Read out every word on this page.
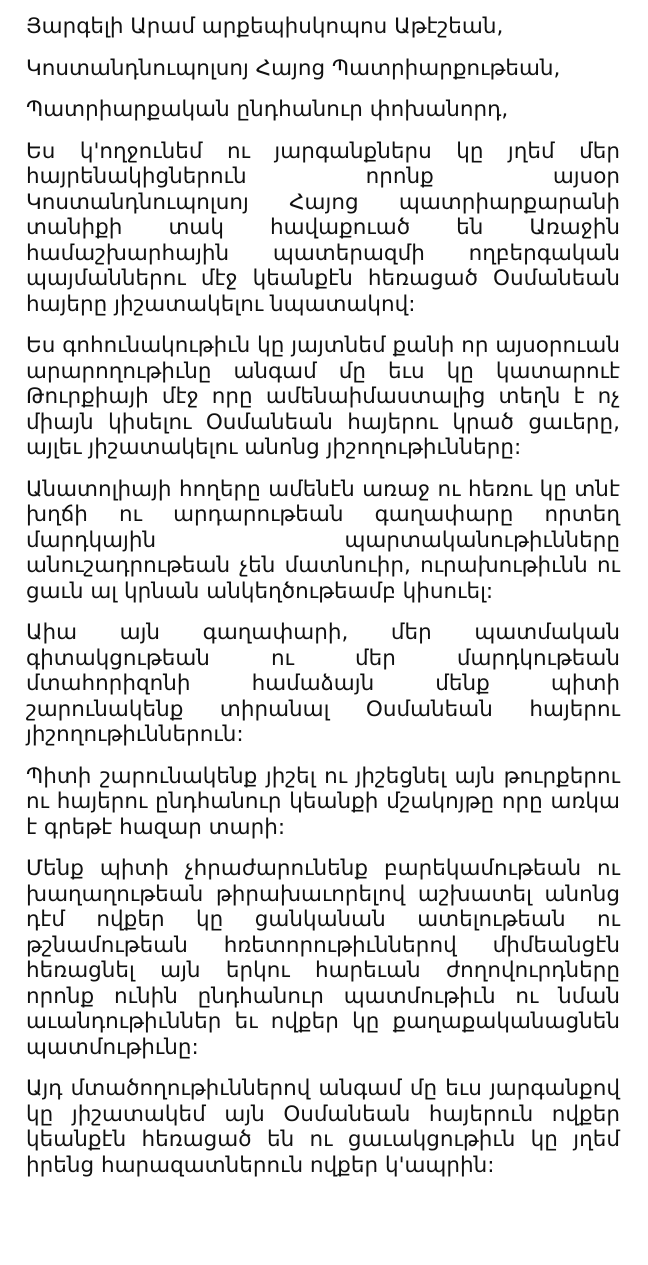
Յարգելի Արամ արքեպիսկոպոս Աթէշեան,

Կոստանդնուպոլսոյ Հայոց Պատրիարքութեան,

Պատրիարքական ընդհանուր փոխանորդ,

Ես կ'ողջունեմ ու յարգանքներս կը յղեմ մեր հայրենակիցներուն որոնք այսօր Կոստանդնուպոլսոյ Հայոց պատրիարքարանի տանիքի տակ հավաքուած են Առաջին համաշխարհային պատերազմի ողբերգական պայմաններու մէջ կեանքէն հեռացած Օսմանեան հայերը յիշատակելու նպատակով:

Ես գոհունակութիւն կը յայտնեմ քանի որ այսօրուան արարողութիւնը անգամ մը եւս կը կատարուէ Թուրքիայի մէջ որը ամենաիմաստալից տեղն է ոչ միայն կիսելու Օսմանեան հայերու կրած ցաւերը, այլեւ յիշատակելու անոնց յիշողութիւնները:

Անատոլիայի հողերը ամենէն առաջ ու հեռու կը տնէ խղճի ու արդարութեան գաղափարը որտեղ մարդկային պարտականութիւնները անուշադրութեան չեն մատնուիր, ուրախութիւնն ու ցաւն ալ կրնան անկեղծութեամբ կիսուել:

Աիա այն գաղափարի, մեր պատմական գիտակցութեան ու մեր մարդկութեան մտահորիզոնի համաձայն մենք պիտի շարունակենք տիրանալ Օսմանեան հայերու յիշողութիւններուն:

Պիտի շարունակենք յիշել ու յիշեցնել այն թուրքերու ու հայերու ընդհանուր կեանքի մշակոյթը որը առկա է գրեթէ հազար տարի:

Մենք պիտի չհրաժարունենք բարեկամութեան ու խաղաղութեան թիրախաւորելով աշխատել անոնց դէմ ովքեր կը ցանկանան ատելութեան ու թշնամութեան հռետորութիւններով միմեանցէն հեռացնել այն երկու հարեւան ժողովուրդները որոնք ունին ընդհանուր պատմութիւն ու նման աւանդութիւններ եւ ովքեր կը քաղաքականացնեն պատմութիւնը:

Այդ մտածողութիւններով անգամ մը եւս յարգանքով կը յիշատակեմ այն Օսմանեան հայերուն ովքեր կեանքէն հեռացած են ու ցաւակցութիւն կը յղեմ իրենց հարազատներուն ովքեր կ'ապրին:
